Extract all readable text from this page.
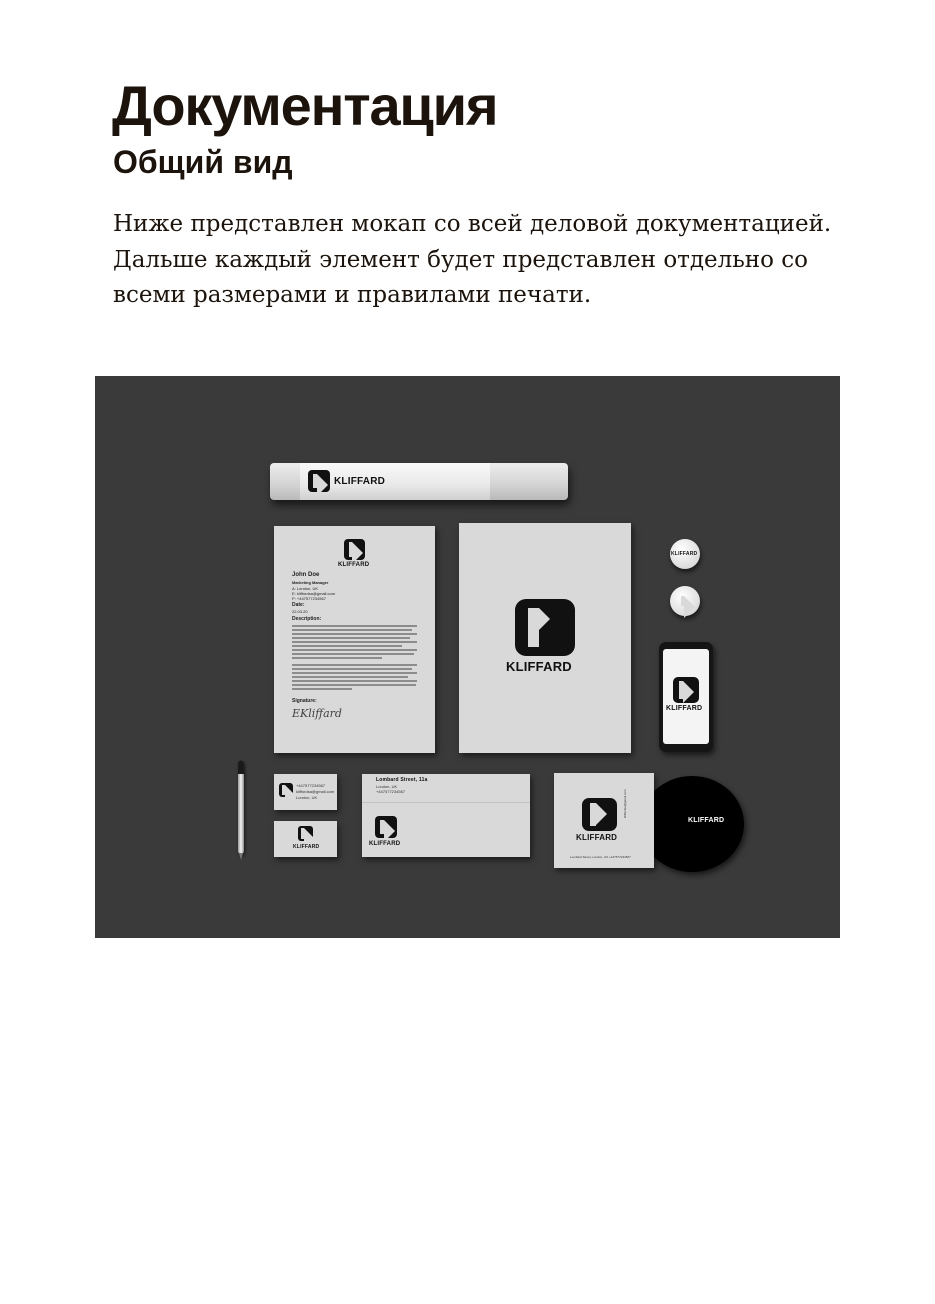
Документация
Общий вид

Ниже представлен мокап со всей деловой документацией.

Дальше каждый элемент будет представлен отдельно со всеми размерами и правилами печати.

KLIFFARD
KLIFFARD
John Doe
Marketing Manager
A: London, UK
E: kliffordsa@gmail.com
P: +447577234567
Date:
22.03.20
Description:
Signature:
EKliffard
KLIFFARD
KLIFFARD
KLIFFARD
+447577234567
kliffordsa@gmail.com
London, UK
KLIFFARD
Lombard Street, 11a
London, UK
+447577234567
KLIFFARD
KLIFFARD
KLIFFARD
Lombard Street, London, UK +447577234567
kliffardsa@gmail.com
